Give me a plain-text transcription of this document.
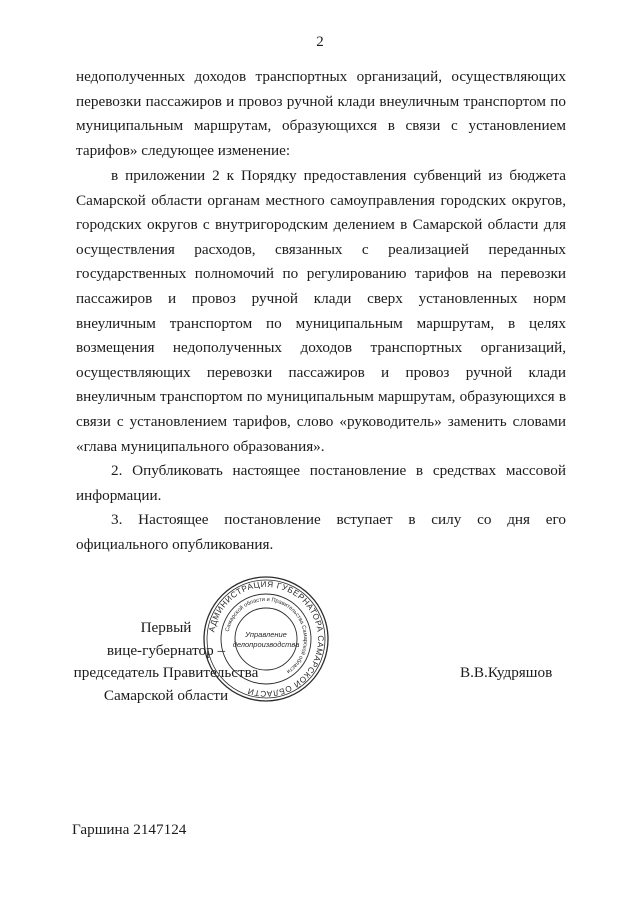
2

недополученных доходов транспортных организаций, осуществляющих перевозки пассажиров и провоз ручной клади внеуличным транспортом по муниципальным маршрутам, образующихся в связи с установлением тарифов» следующее изменение:

в приложении 2 к Порядку предоставления субвенций из бюджета Самарской области органам местного самоуправления городских округов, городских округов с внутригородским делением в Самарской области для осуществления расходов, связанных с реализацией переданных государственных полномочий по регулированию тарифов на перевозки пассажиров и провоз ручной клади сверх установленных норм внеуличным транспортом по муниципальным маршрутам, в целях возмещения недополученных доходов транспортных организаций, осуществляющих перевозки пассажиров и провоз ручной клади внеуличным транспортом по муниципальным маршрутам, образующихся в связи с установлением тарифов, слово «руководитель» заменить словами «глава муниципального образования».

2. Опубликовать настоящее постановление в средствах массовой информации.

3. Настоящее постановление вступает в силу со дня его официального опубликования.

Первый
вице-губернатор –
председатель Правительства
Самарской области
АДМИНИСТРАЦИЯ ГУБЕРНАТОРА САМАРСКОЙ ОБЛАСТИ
Самарской области и Правительства Самарской области
Управление
делопроизводства
В.В.Кудряшов
Гаршина 2147124
